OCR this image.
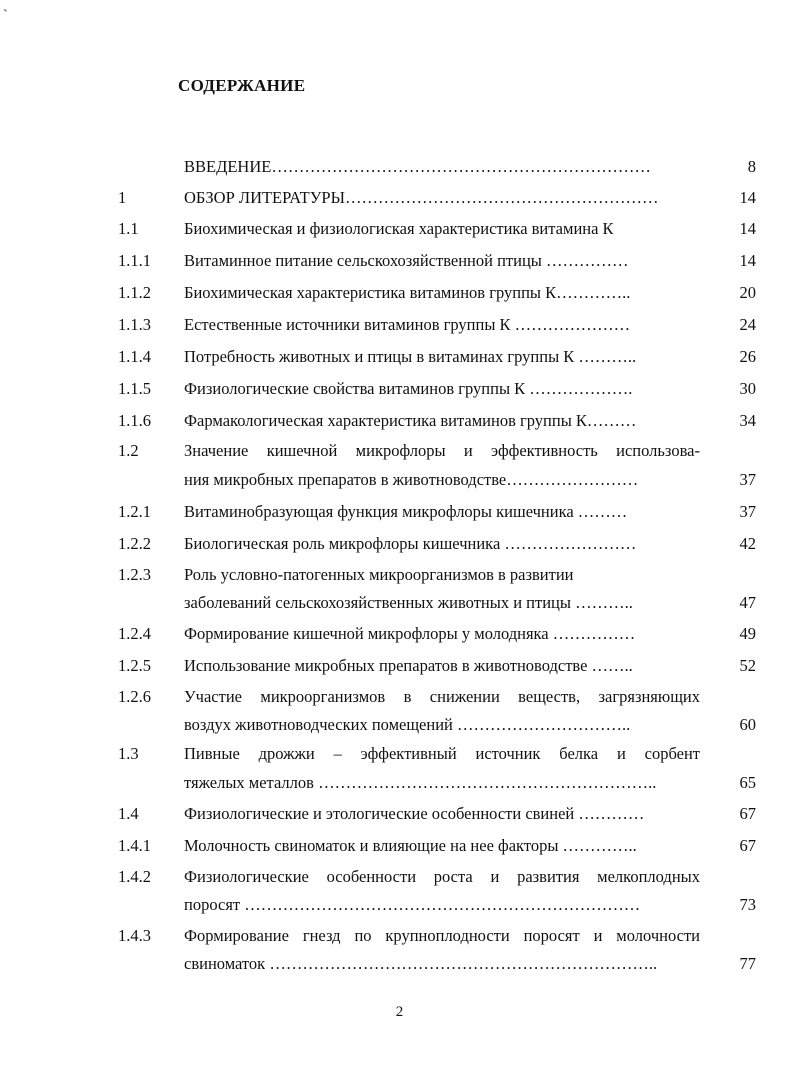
`
СОДЕРЖАНИЕ
ВВЕДЕНИЕ……………………………………………………………	8
1	ОБЗОР ЛИТЕРАТУРЫ…………………………………………………	14
1.1	Биохимическая и физиологиская характеристика витамина К	14
1.1.1 Витаминное питание сельскохозяйственной птицы ……………	14
1.1.2 Биохимическая характеристика витаминов группы К…………..	20
1.1.3 Естественные источники витаминов группы К …………………	24
1.1.4 Потребность животных и птицы в витаминах группы К ………..	26
1.1.5 Физиологические свойства витаминов группы К ……………….	30
1.1.6 Фармакологическая характеристика витаминов группы К………	34
1.2	Значение кишечной микрофлоры и эффективность использова-
ния микробных препаратов в животноводстве……………………	37
1.2.1 Витаминобразующая функция микрофлоры кишечника ………	37
1.2.2 Биологическая роль микрофлоры кишечника ……………………	42
1.2.3 Роль условно-патогенных микроорганизмов в развитии
заболеваний сельскохозяйственных животных и птицы ………..	47
1.2.4 Формирование кишечной микрофлоры у молодняка ……………	49
1.2.5 Использование микробных препаратов в животноводстве ……..	52
1.2.6 Участие микроорганизмов в снижении веществ, загрязняющих
воздух животноводческих помещений …………………………..	60
1.3	Пивные дрожжи – эффективный источник белка и сорбент
тяжелых металлов ……………………………………………………..	65
1.4	Физиологические и этологические особенности свиней …………	67
1.4.1 Молочность свиноматок и влияющие на нее факторы …………..	67
1.4.2 Физиологические особенности роста и развития мелкоплодных
поросят ………………………………………………………………	73
1.4.3 Формирование гнезд по крупноплодности поросят и молочности
свиноматок ……………………………………………………………..	77
2
